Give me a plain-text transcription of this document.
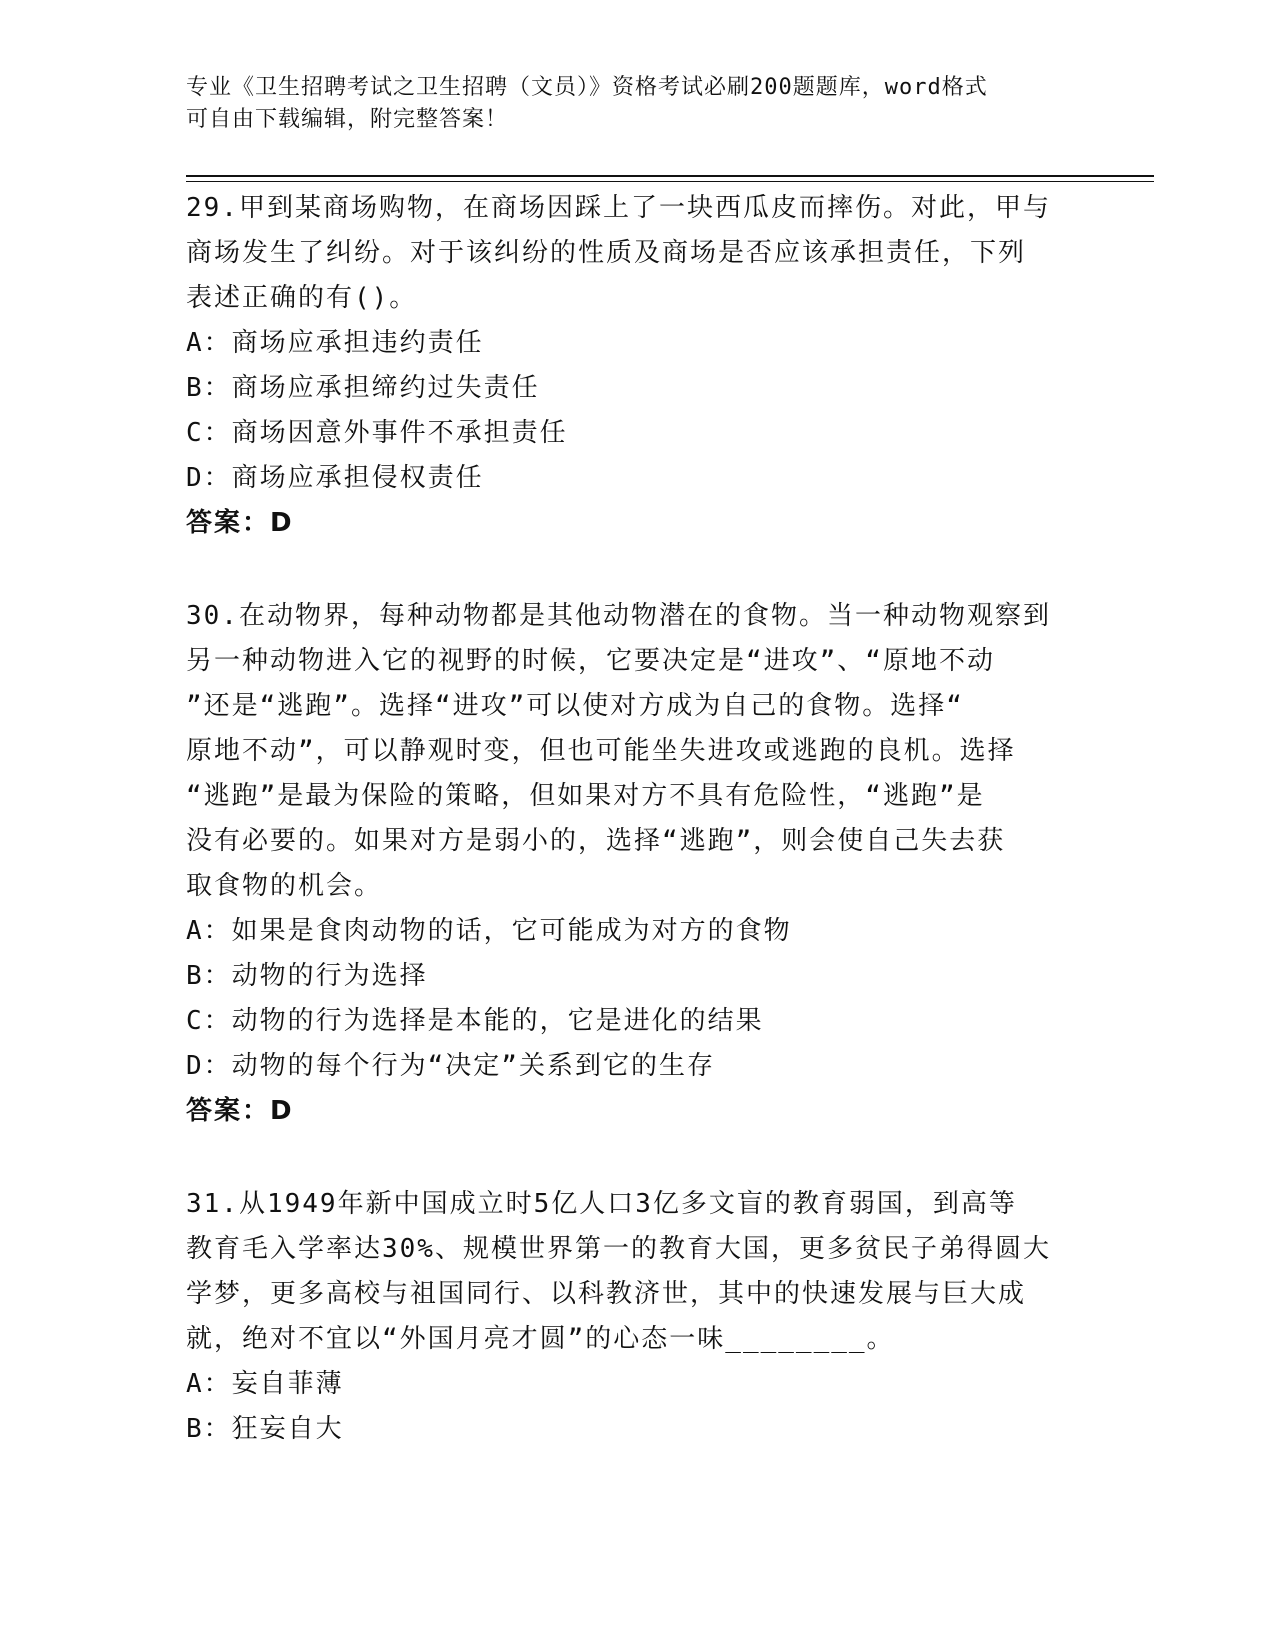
专业《卫生招聘考试之卫生招聘（文员）》资格考试必刷200题题库，word格式
可自由下载编辑，附完整答案！
29.甲到某商场购物，在商场因踩上了一块西瓜皮而摔伤。对此，甲与
商场发生了纠纷。对于该纠纷的性质及商场是否应该承担责任，下列
表述正确的有()。
A：商场应承担违约责任
B：商场应承担缔约过失责任
C：商场因意外事件不承担责任
D：商场应承担侵权责任
答案：D
30.在动物界，每种动物都是其他动物潜在的食物。当一种动物观察到
另一种动物进入它的视野的时候，它要决定是“进攻”、“原地不动
”还是“逃跑”。选择“进攻”可以使对方成为自己的食物。选择“
原地不动”，可以静观时变，但也可能坐失进攻或逃跑的良机。选择
“逃跑”是最为保险的策略，但如果对方不具有危险性，“逃跑”是
没有必要的。如果对方是弱小的，选择“逃跑”，则会使自己失去获
取食物的机会。
A：如果是食肉动物的话，它可能成为对方的食物
B：动物的行为选择
C：动物的行为选择是本能的，它是进化的结果
D：动物的每个行为“决定”关系到它的生存
答案：D
31.从1949年新中国成立时5亿人口3亿多文盲的教育弱国，到高等
教育毛入学率达30%、规模世界第一的教育大国，更多贫民子弟得圆大
学梦，更多高校与祖国同行、以科教济世，其中的快速发展与巨大成
就，绝对不宜以“外国月亮才圆”的心态一味________。
A：妄自菲薄
B：狂妄自大
